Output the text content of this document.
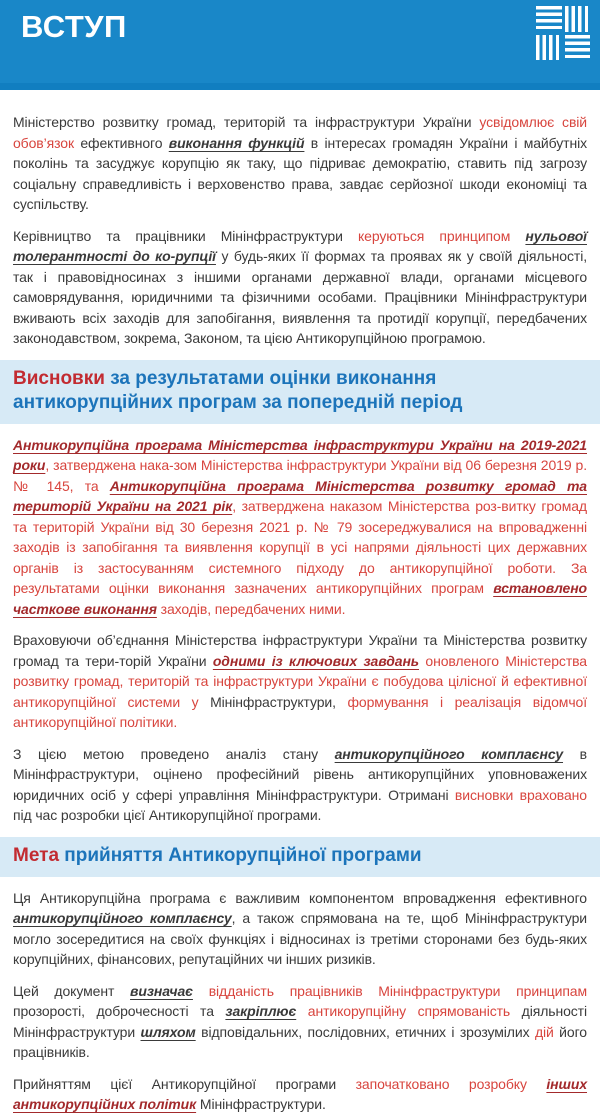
ВСТУП

Міністерство розвитку громад, територій та інфраструктури України усвідомлює свій обов’язок ефективного виконання функцій в інтересах громадян України і майбутніх поколінь та засуджує корупцію як таку, що підриває демократію, ставить під загрозу соціальну справедливість і верховенство права, завдає серйозної шкоди економіці та суспільству.

Керівництво та працівники Мінінфраструктури керуються принципом нульової толерантності до ко-рупції у будь-яких її формах та проявах як у своїй діяльності, так і правовідносинах з іншими органами державної влади, органами місцевого самоврядування, юридичними та фізичними особами. Працівники Мінінфраструктури вживають всіх заходів для запобігання, виявлення та протидії корупції, передбачених законодавством, зокрема, Законом, та цією Антикорупційною програмою.

Висновки за результатами оцінки виконання антикорупційних програм за попередній період

Антикорупційна програма Міністерства інфраструктури України на 2019-2021 роки, затверджена нака-зом Міністерства інфраструктури України від 06 березня 2019 р. № 145, та Антикорупційна програма Міністерства розвитку громад та територій України на 2021 рік, затверджена наказом Міністерства роз-витку громад та територій України від 30 березня 2021 р. № 79 зосереджувалися на впровадженні заходів із запобігання та виявлення корупції в усі напрями діяльності цих державних органів із застосуванням системного підходу до антикорупційної роботи. За результатами оцінки виконання зазначених антикорупційних програм встановлено часткове виконання заходів, передбачених ними.

Враховуючи об’єднання Міністерства інфраструктури України та Міністерства розвитку громад та тери-торій України одними із ключових завдань оновленого Міністерства розвитку громад, територій та інфраструктури України є побудова цілісної й ефективної антикорупційної системи у Мінінфраструктури, формування і реалізація відомчої антикорупційної політики.

З цією метою проведено аналіз стану антикорупційного комплаєнсу в Мінінфраструктури, оцінено професійний рівень антикорупційних уповноважених юридичних осіб у сфері управління Мінінфраструктури. Отримані висновки враховано під час розробки цієї Антикорупційної програми.

Мета прийняття Антикорупційної програми

Ця Антикорупційна програма є важливим компонентом впровадження ефективного антикорупційного комплаєнсу, а також спрямована на те, щоб Мінінфраструктури могло зосередитися на своїх функціях і відносинах із третіми сторонами без будь-яких корупційних, фінансових, репутаційних чи інших ризиків.

Цей документ визначає відданість працівників Мінінфраструктури принципам прозорості, доброчесності та закріплює антикорупційну спрямованість діяльності Мінінфраструктури шляхом відповідальних, послідовних, етичних і зрозумілих дій його працівників.

Прийняттям цієї Антикорупційної програми започатковано розробку інших антикорупційних політик Мінінфраструктури.
